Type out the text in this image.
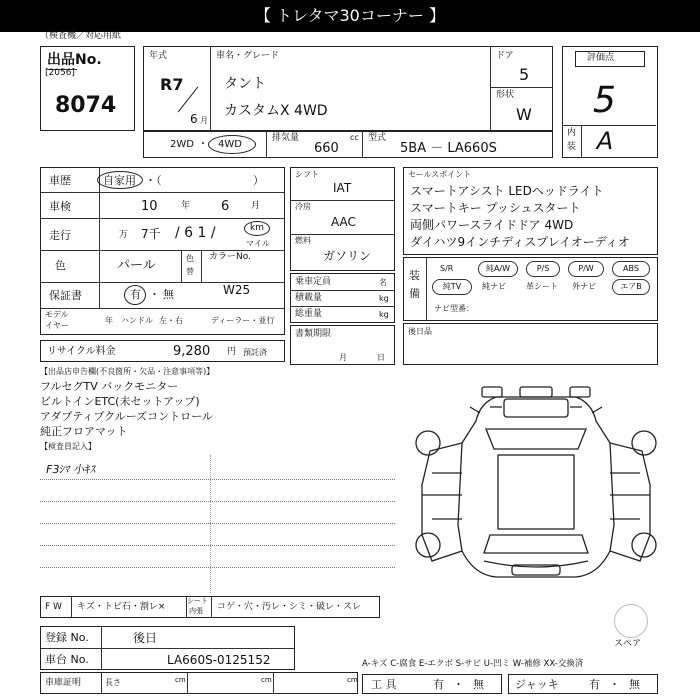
【 トレタマ30コーナー 】
（検査機／対応用紙
出品No.
[2056]
8074
年式
R7
6 月
車名・グレード
タント
カスタムX 4WD
ドア
5
形状
W
評価点
5
内
装 A
2WD ・ 4WD
排気量	cc
660
型式
5BA － LA660S
車歴	自家用 ・（	）
車検	10	年 6 月
走行	万 7千 / 6 1 /	km
マイル
色	パール	色
替
カラーNo.
W25
保証書	有 ・ 無
モデル
イヤー
年 ハンドル 左・右	ディーラー・並行
リサイクル料金	9,280 円 預託済
シフト
IAT
冷房
AAC
燃料
ガソリン
乗車定員	名
積載量	kg
総重量	kg
書類期限
月	日
セールスポイント
スマートアシスト LEDヘッドライト
スマートキー プッシュスタート
両側パワースライドドア 4WD
ダイハツ9インチディスプレイオーディオ
装
備
S/R	純A/W	P/S	P/W	ABS
純TV	純ナビ	革シート 外ナビ	エアB
ナビ型番：
後日品
【出品店申告欄(不良箇所・欠品・注意事項等)】
フルセグTV バックモニター
ビルトインETC(未セットアップ)
アダプティブクルーズコントロール
純正フロアマット
【検査員記入】
F3ｼﾏ 小ｷｽ
F W キズ・トビ石・割レ×
シート
内張 コゲ・穴・汚レ・シミ・破レ・スレ
スペア
登録 No.	後日
車台 No.	LA660S-0125152	A-キズ C-腐食 E-エクボ S-サビ U-凹ミ W-補修 XX-交換済
車庫証明	長さ	cm	cm	cm 工 具	有 ・ 無	ジャッキ	有 ・ 無
